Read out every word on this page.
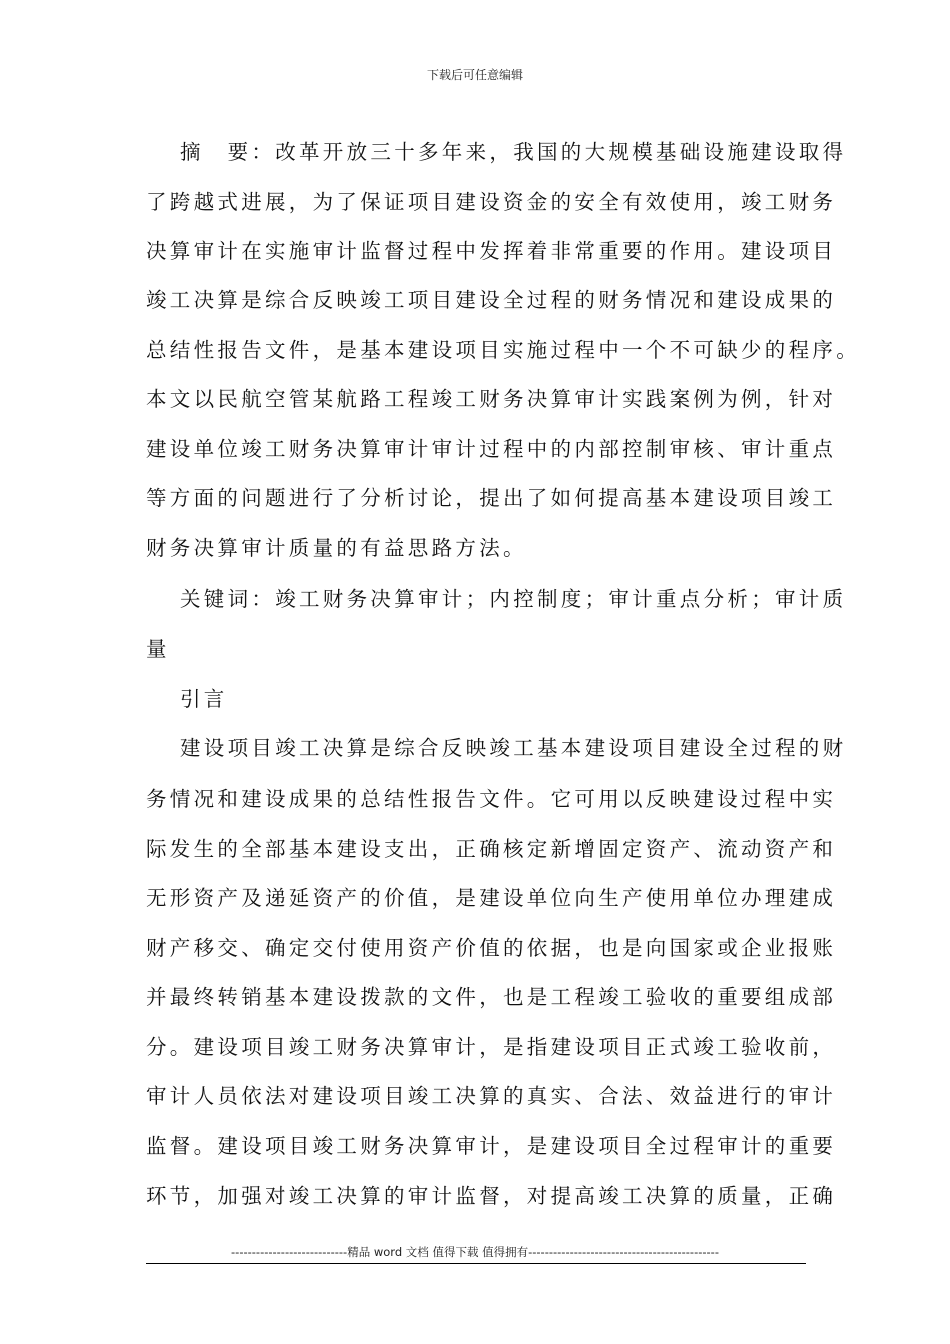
下载后可任意编辑
摘　要：改革开放三十多年来，我国的大规模基础设施建设取得
了跨越式进展，为了保证项目建设资金的安全有效使用，竣工财务
决算审计在实施审计监督过程中发挥着非常重要的作用。建设项目
竣工决算是综合反映竣工项目建设全过程的财务情况和建设成果的
总结性报告文件，是基本建设项目实施过程中一个不可缺少的程序。
本文以民航空管某航路工程竣工财务决算审计实践案例为例，针对
建设单位竣工财务决算审计审计过程中的内部控制审核、审计重点
等方面的问题进行了分析讨论，提出了如何提高基本建设项目竣工
财务决算审计质量的有益思路方法。
关键词：竣工财务决算审计；内控制度；审计重点分析；审计质
量
引言
建设项目竣工决算是综合反映竣工基本建设项目建设全过程的财
务情况和建设成果的总结性报告文件。它可用以反映建设过程中实
际发生的全部基本建设支出，正确核定新增固定资产、流动资产和
无形资产及递延资产的价值，是建设单位向生产使用单位办理建成
财产移交、确定交付使用资产价值的依据，也是向国家或企业报账
并最终转销基本建设拨款的文件，也是工程竣工验收的重要组成部
分。建设项目竣工财务决算审计，是指建设项目正式竣工验收前，
审计人员依法对建设项目竣工决算的真实、合法、效益进行的审计
监督。建设项目竣工财务决算审计，是建设项目全过程审计的重要
环节，加强对竣工决算的审计监督，对提高竣工决算的质量，正确
----------------------------精品 word 文档 值得下载 值得拥有----------------------------------------------
